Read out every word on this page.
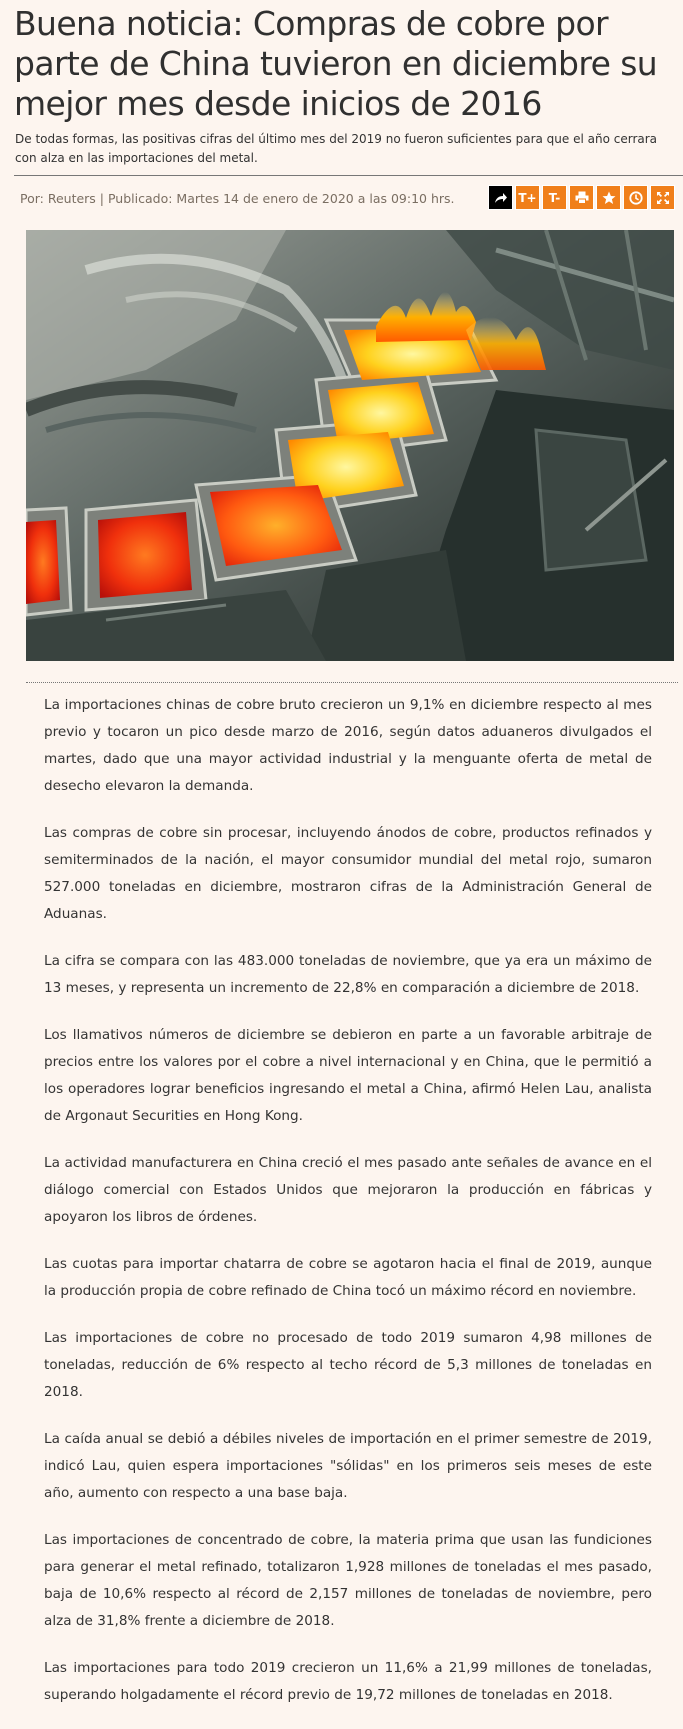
Buena noticia: Compras de cobre por parte de China tuvieron en diciembre su mejor mes desde inicios de 2016

De todas formas, las positivas cifras del último mes del 2019 no fueron suficientes para que el año cerrara con alza en las importaciones del metal.

Por: Reuters | Publicado: Martes 14 de enero de 2020 a las 09:10 hrs.	T+	T-

La importaciones chinas de cobre bruto crecieron un 9,1% en diciembre respecto al mes previo y tocaron un pico desde marzo de 2016, según datos aduaneros divulgados el martes, dado que una mayor actividad industrial y la menguante oferta de metal de desecho elevaron la demanda.

Las compras de cobre sin procesar, incluyendo ánodos de cobre, productos refinados y semiterminados de la nación, el mayor consumidor mundial del metal rojo, sumaron 527.000 toneladas en diciembre, mostraron cifras de la Administración General de Aduanas.

La cifra se compara con las 483.000 toneladas de noviembre, que ya era un máximo de 13 meses, y representa un incremento de 22,8% en comparación a diciembre de 2018.

Los llamativos números de diciembre se debieron en parte a un favorable arbitraje de precios entre los valores por el cobre a nivel internacional y en China, que le permitió a los operadores lograr beneficios ingresando el metal a China, afirmó Helen Lau, analista de Argonaut Securities en Hong Kong.

La actividad manufacturera en China creció el mes pasado ante señales de avance en el diálogo comercial con Estados Unidos que mejoraron la producción en fábricas y apoyaron los libros de órdenes.

Las cuotas para importar chatarra de cobre se agotaron hacia el final de 2019, aunque la producción propia de cobre refinado de China tocó un máximo récord en noviembre.

Las importaciones de cobre no procesado de todo 2019 sumaron 4,98 millones de toneladas, reducción de 6% respecto al techo récord de 5,3 millones de toneladas en 2018.

La caída anual se debió a débiles niveles de importación en el primer semestre de 2019, indicó Lau, quien espera importaciones "sólidas" en los primeros seis meses de este año, aumento con respecto a una base baja.

Las importaciones de concentrado de cobre, la materia prima que usan las fundiciones para generar el metal refinado, totalizaron 1,928 millones de toneladas el mes pasado, baja de 10,6% respecto al récord de 2,157 millones de toneladas de noviembre, pero alza de 31,8% frente a diciembre de 2018.

Las importaciones para todo 2019 crecieron un 11,6% a 21,99 millones de toneladas, superando holgadamente el récord previo de 19,72 millones de toneladas en 2018.
